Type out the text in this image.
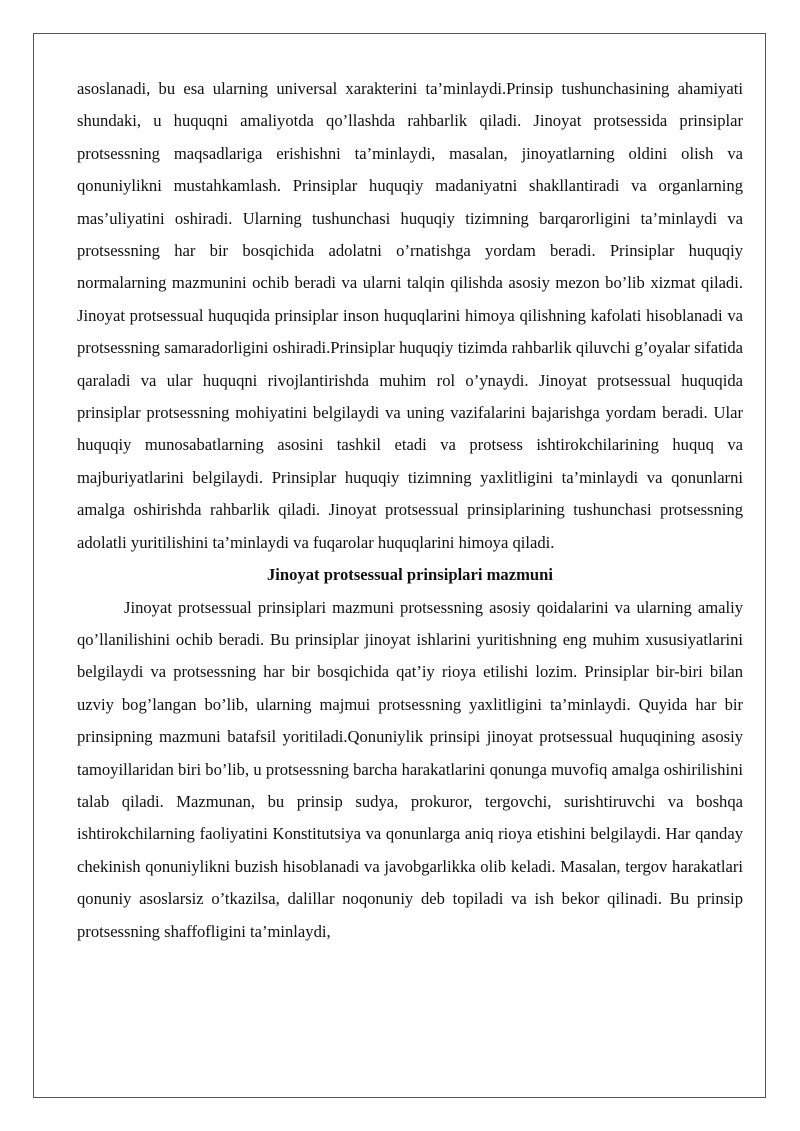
asoslanadi, bu esa ularning universal xarakterini ta’minlaydi.Prinsip tushunchasining ahamiyati shundaki, u huquqni amaliyotda qo’llashda rahbarlik qiladi. Jinoyat protsessida prinsiplar protsessning maqsadlariga erishishni ta’minlaydi, masalan, jinoyatlarning oldini olish va qonuniylikni mustahkamlash. Prinsiplar huquqiy madaniyatni shakllantiradi va organlarning mas’uliyatini oshiradi. Ularning tushunchasi huquqiy tizimning barqarorligini ta’minlaydi va protsessning har bir bosqichida adolatni o’rnatishga yordam beradi. Prinsiplar huquqiy normalarning mazmunini ochib beradi va ularni talqin qilishda asosiy mezon bo’lib xizmat qiladi. Jinoyat protsessual huquqida prinsiplar inson huquqlarini himoya qilishning kafolati hisoblanadi va protsessning samaradorligini oshiradi.Prinsiplar huquqiy tizimda rahbarlik qiluvchi g’oyalar sifatida qaraladi va ular huquqni rivojlantirishda muhim rol o’ynaydi. Jinoyat protsessual huquqida prinsiplar protsessning mohiyatini belgilaydi va uning vazifalarini bajarishga yordam beradi. Ular huquqiy munosabatlarning asosini tashkil etadi va protsess ishtirokchilarining huquq va majburiyatlarini belgilaydi. Prinsiplar huquqiy tizimning yaxlitligini ta’minlaydi va qonunlarni amalga oshirishda rahbarlik qiladi. Jinoyat protsessual prinsiplarining tushunchasi protsessning adolatli yuritilishini ta’minlaydi va fuqarolar huquqlarini himoya qiladi.

Jinoyat protsessual prinsiplari mazmuni

Jinoyat protsessual prinsiplari mazmuni protsessning asosiy qoidalarini va ularning amaliy qo’llanilishini ochib beradi. Bu prinsiplar jinoyat ishlarini yuritishning eng muhim xususiyatlarini belgilaydi va protsessning har bir bosqichida qat’iy rioya etilishi lozim. Prinsiplar bir-biri bilan uzviy bog’langan bo’lib, ularning majmui protsessning yaxlitligini ta’minlaydi. Quyida har bir prinsipning mazmuni batafsil yoritiladi.Qonuniylik prinsipi jinoyat protsessual huquqining asosiy tamoyillaridan biri bo’lib, u protsessning barcha harakatlarini qonunga muvofiq amalga oshirilishini talab qiladi. Mazmunan, bu prinsip sudya, prokuror, tergovchi, surishtiruvchi va boshqa ishtirokchilarning faoliyatini Konstitutsiya va qonunlarga aniq rioya etishini belgilaydi. Har qanday chekinish qonuniylikni buzish hisoblanadi va javobgarlikka olib keladi. Masalan, tergov harakatlari qonuniy asoslarsiz o’tkazilsa, dalillar noqonuniy deb topiladi va ish bekor qilinadi. Bu prinsip protsessning shaffofligini ta’minlaydi,
